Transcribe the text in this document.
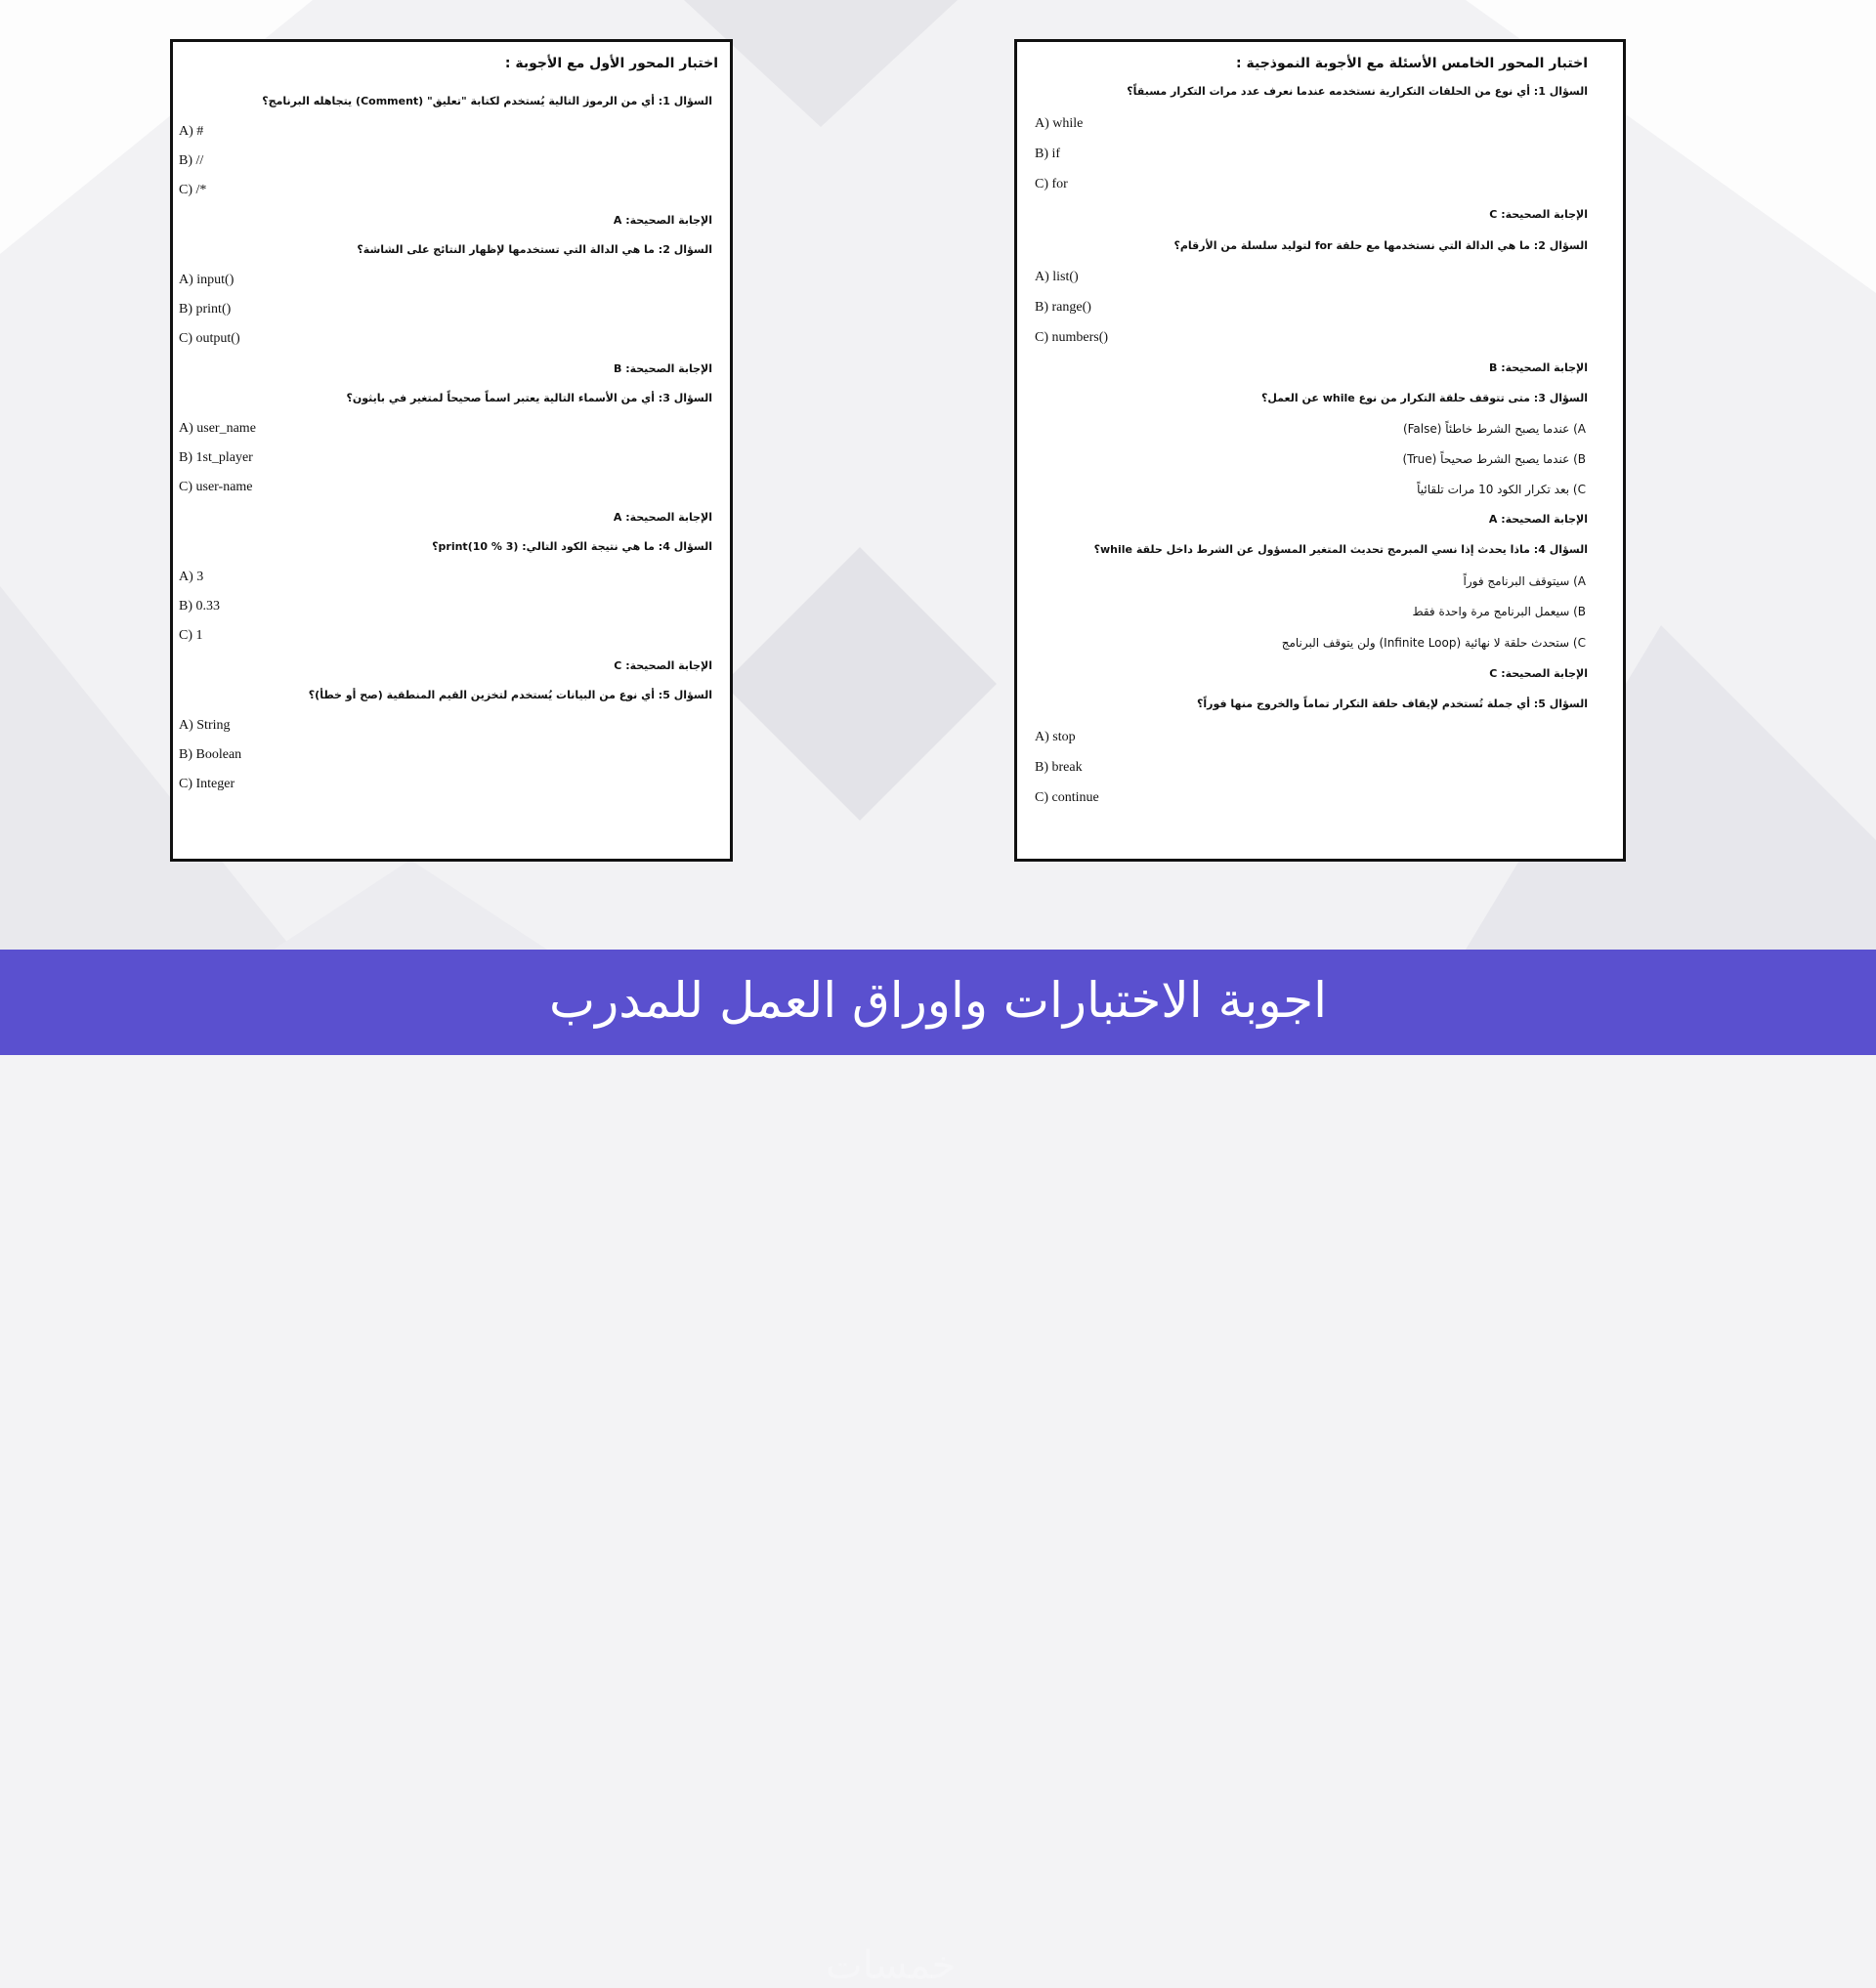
اختبار المحور الأول مع الأجوبة :
السؤال 1: أي من الرموز التالية يُستخدم لكتابة "تعليق" (Comment) يتجاهله البرنامج؟
A) #
B) //
C) /*
الإجابة الصحيحة: A
السؤال 2: ما هي الدالة التي تستخدمها لإظهار النتائج على الشاشة؟
A) input()
B) print()
C) output()
الإجابة الصحيحة: B
السؤال 3: أي من الأسماء التالية يعتبر اسماً صحيحاً لمتغير في بايثون؟
A) user_name
B) 1st_player
C) user-name
الإجابة الصحيحة: A
السؤال 4: ما هي نتيجة الكود التالي: print(10 % 3)؟
A) 3
B) 0.33
C) 1
الإجابة الصحيحة: C
السؤال 5: أي نوع من البيانات يُستخدم لتخزين القيم المنطقية (صح أو خطأ)؟
A) String
B) Boolean
C) Integer
اختبار المحور الخامس الأسئلة مع الأجوبة النموذجية :
السؤال 1: أي نوع من الحلقات التكرارية نستخدمه عندما نعرف عدد مرات التكرار مسبقاً؟
A) while
B) if
C) for
الإجابة الصحيحة: C
السؤال 2: ما هي الدالة التي نستخدمها مع حلقة for لتوليد سلسلة من الأرقام؟
A) list()
B) range()
C) numbers()
الإجابة الصحيحة: B
السؤال 3: متى تتوقف حلقة التكرار من نوع while عن العمل؟
A) عندما يصبح الشرط خاطئاً (False)
B) عندما يصبح الشرط صحيحاً (True)
C) بعد تكرار الكود 10 مرات تلقائياً
الإجابة الصحيحة: A
السؤال 4: ماذا يحدث إذا نسي المبرمج تحديث المتغير المسؤول عن الشرط داخل حلقة while؟
A) سيتوقف البرنامج فوراً
B) سيعمل البرنامج مرة واحدة فقط
C) ستحدث حلقة لا نهائية (Infinite Loop) ولن يتوقف البرنامج
الإجابة الصحيحة: C
السؤال 5: أي جملة تُستخدم لإيقاف حلقة التكرار تماماً والخروج منها فوراً؟
A) stop
B) break
C) continue
اجوبة الاختبارات واوراق العمل للمدرب
خمسات
